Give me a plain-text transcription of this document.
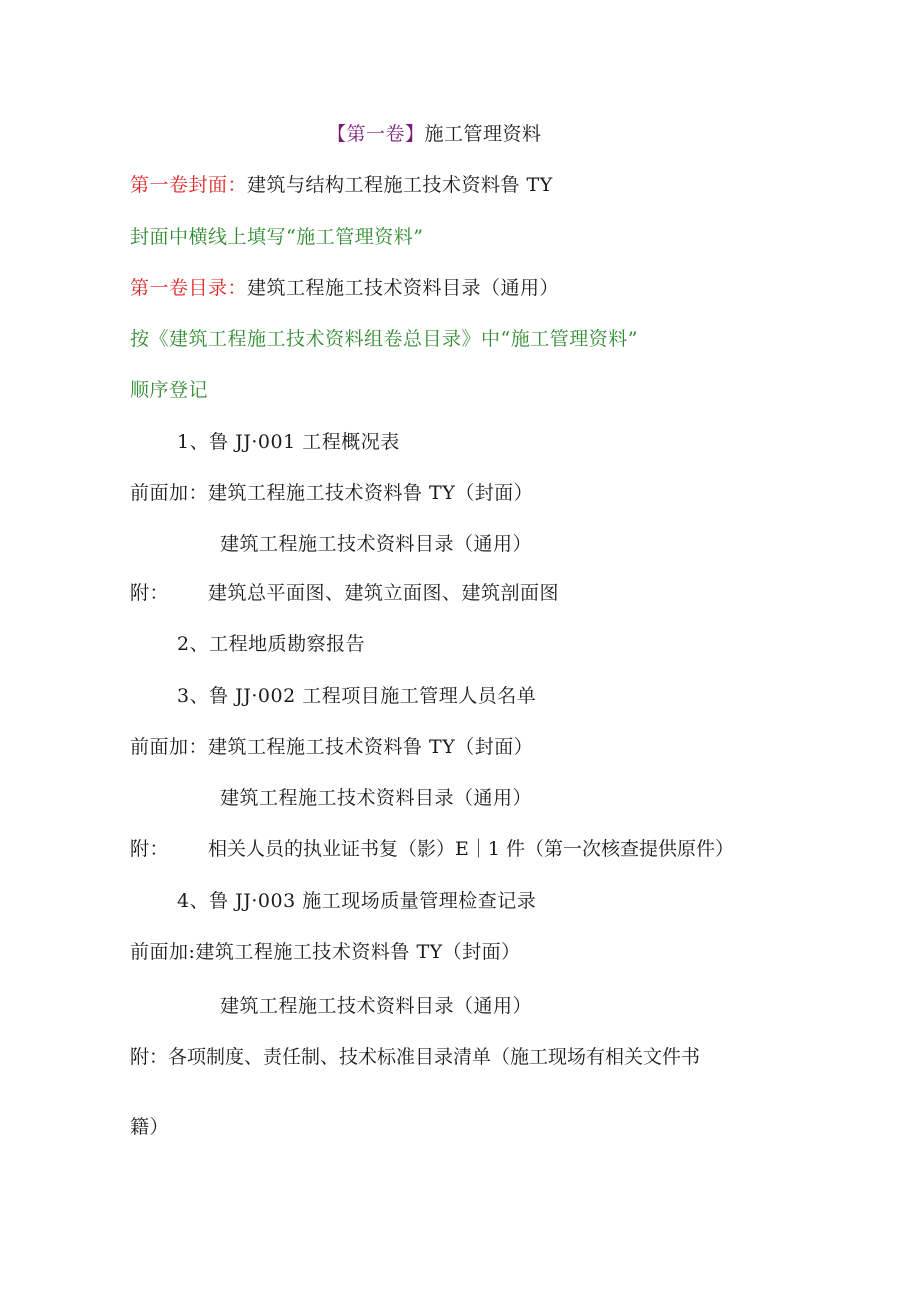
【第一卷】施工管理资料
第一卷封面：建筑与结构工程施工技术资料鲁 TY
封面中横线上填写“施工管理资料”
第一卷目录：建筑工程施工技术资料目录（通用）
按《建筑工程施工技术资料组卷总目录》中“施工管理资料”
顺序登记
1、鲁 JJ·001 工程概况表
前面加：建筑工程施工技术资料鲁 TY（封面）
建筑工程施工技术资料目录（通用）
附： 建筑总平面图、建筑立面图、建筑剖面图
2、工程地质勘察报告
3、鲁 JJ·002 工程项目施工管理人员名单
前面加：建筑工程施工技术资料鲁 TY（封面）
建筑工程施工技术资料目录（通用）
附： 相关人员的执业证书复（影）E｜1 件（第一次核查提供原件）
4、鲁 JJ·003 施工现场质量管理检查记录
前面加:建筑工程施工技术资料鲁 TY（封面）
建筑工程施工技术资料目录（通用）
附：各项制度、责任制、技术标准目录清单（施工现场有相关文件书
籍）
